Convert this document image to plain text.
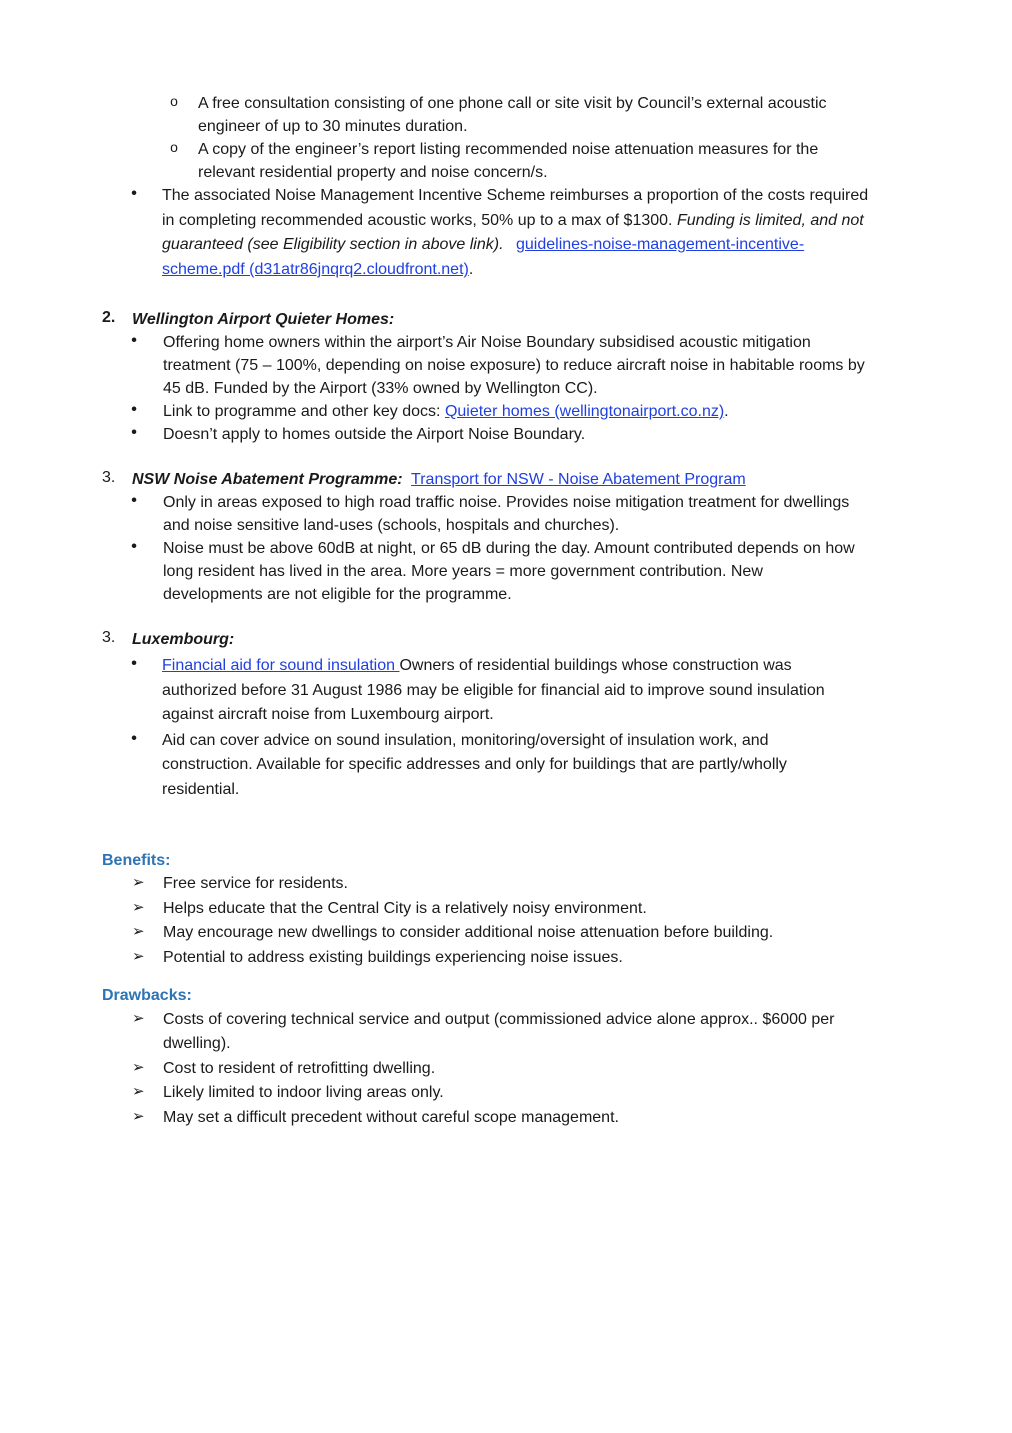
o A free consultation consisting of one phone call or site visit by Council’s external acoustic
engineer of up to 30 minutes duration.
o A copy of the engineer’s report listing recommended noise attenuation measures for the
relevant residential property and noise concern/s.
• The associated Noise Management Incentive Scheme reimburses a proportion of the costs required
in completing recommended acoustic works, 50% up to a max of $1300. Funding is limited, and not
guaranteed (see Eligibility section in above link). guidelines-noise-management-incentive-
scheme.pdf (d31atr86jnqrq2.cloudfront.net).
2. Wellington Airport Quieter Homes:
• Offering home owners within the airport’s Air Noise Boundary subsidised acoustic mitigation
treatment (75 – 100%, depending on noise exposure) to reduce aircraft noise in habitable rooms by
45 dB. Funded by the Airport (33% owned by Wellington CC).
• Link to programme and other key docs: Quieter homes (wellingtonairport.co.nz).
• Doesn’t apply to homes outside the Airport Noise Boundary.
3. NSW Noise Abatement Programme: Transport for NSW - Noise Abatement Program
• Only in areas exposed to high road traffic noise. Provides noise mitigation treatment for dwellings
and noise sensitive land-uses (schools, hospitals and churches).
• Noise must be above 60dB at night, or 65 dB during the day. Amount contributed depends on how
long resident has lived in the area. More years = more government contribution. New
developments are not eligible for the programme.
3. Luxembourg:
• Financial aid for sound insulation Owners of residential buildings whose construction was
authorized before 31 August 1986 may be eligible for financial aid to improve sound insulation
against aircraft noise from Luxembourg airport.
• Aid can cover advice on sound insulation, monitoring/oversight of insulation work, and
construction. Available for specific addresses and only for buildings that are partly/wholly
residential.
Benefits:
➢	Free service for residents.
➢	Helps educate that the Central City is a relatively noisy environment.
➢	May encourage new dwellings to consider additional noise attenuation before building.
➢	Potential to address existing buildings experiencing noise issues.
Drawbacks:
➢	Costs of covering technical service and output (commissioned advice alone approx.. $6000 per
dwelling).
➢	Cost to resident of retrofitting dwelling.
➢	Likely limited to indoor living areas only.
➢	May set a difficult precedent without careful scope management.
